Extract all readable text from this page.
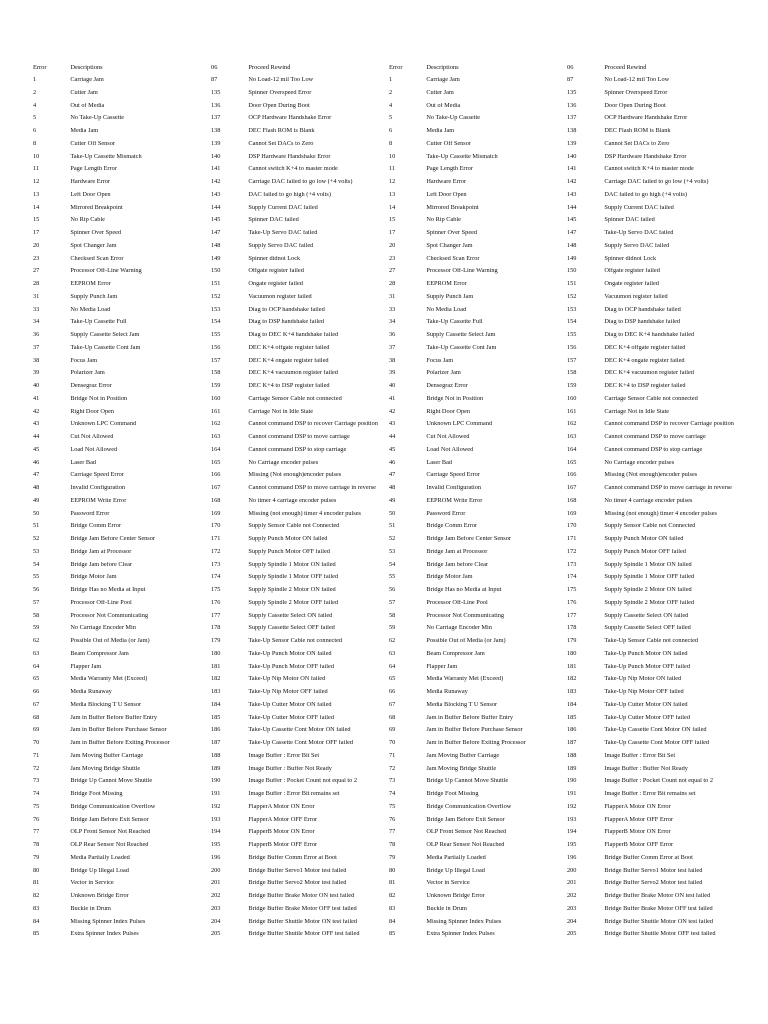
Error	Descriptions
1	Carriage Jam
2	Cutter Jam
4	Out of Media
5	No Take-Up Cassette
6	Media Jam
8	Cutter Off Sensor
10	Take-Up Cassette Mismatch
11	Page Length Error
12	Hardware Error
13	Left Door Open
14	Mirrored Breakpoint
15	No Rip Cable
17	Spinner Over Speed
20	Spot Changer Jam
23	Checksed Scan Error
27	Processor Off-Line Warning
28	EEPROM Error
31	Supply Punch Jam
33	No Media Load
34	Take-Up Cassette Full
36	Supply Cassette Select Jam
37	Take-Up Cassette Cont Jam
38	Focus Jam
39	Polarizer Jam
40	Densegraz Error
41	Bridge Not in Position
42	Right Door Open
43	Unknown LPC Command
44	Cut Not Allowed
45	Load Not Allowed
46	Laser Bad
47	Carriage Speed Error
48	Invalid Configuration
49	EEPROM Write Error
50	Password Error
51	Bridge Comm Error
52	Bridge Jam Before Center Sensor
53	Bridge Jam at Processor
54	Bridge Jam before Clear
55	Bridge Motor Jam
56	Bridge Has no Media at Input
57	Processor Off-Line Pool
58	Processor Not Communicating
59	No Carriage Encoder Min
62	Possible Out of Media (or Jam)
63	Beam Compressor Jam
64	Flapper Jam
65	Media Warranty Met (Exceed)
66	Media Runaway
67	Media Blocking T U Sensor
68	Jam in Buffer Before Buffer Entry
69	Jam in Buffer Before Purchase Sensor
70	Jam in Buffer Before Exiting Processor
71	Jam Moving Buffer Carriage
72	Jam Moving Bridge Shuttle
73	Bridge Up Cannot Move Shuttle
74	Bridge Foot Missing
75	Bridge Communication Overflow
76	Bridge Jam Before Exit Sensor
77	OLP Front Sensor Not Reached
78	OLP Rear Sensor Not Reached
79	Media Partially Loaded
80	Bridge Up Illegal Load
81	Vector in Service
82	Unknown Bridge Error
83	Buckle in Drum
84	Missing Spinner Index Pulses
85	Extra Spinner Index Pulses
06	Proceed Rewind
87	No Load-12 mil Too Low
135	Spinner Overspeed Error
136	Door Open During Boot
137	OCP Hardware Handshake Error
138	DEC Flash ROM is Blank
139	Cannot Set DACs to Zero
140	DSP Hardware Handshake Error
141	Cannot switch K+4 to master mode
142	Carriage DAC failed to go low (+4 volts)
143	DAC failed to go high (+4 volts)
144	Supply Current DAC failed
145	Spinner DAC failed
147	Take-Up Servo DAC failed
148	Supply Servo DAC failed
149	Spinner didnot Lock
150	Offgate register failed
151	Ongate register failed
152	Vacuumon register failed
153	Diag to OCP handshake failed
154	Diag to DSP handshake failed
155	Diag to DEC K+4 handshake failed
156	DEC K+4 offgate register failed
157	DEC K+4 ongate register failed
158	DEC K+4 vacuumon register failed
159	DEC K+4 to DSP register failed
160	Carriage Sensor Cable not connected
161	Carriage Not in Idle State
162	Cannot command DSP to recover Carriage position
163	Cannot command DSP to move carriage
164	Cannot command DSP to stop carriage
165	No Carriage encoder pulses
166	Missing (Not enough)encoder pulses
167	Cannot command DSP to move carriage in reverse
168	No timer 4 carriage encoder pulses
169	Missing (not enough) timer 4 encoder pulses
170	Supply Sensor Cable not Connected
171	Supply Punch Motor ON failed
172	Supply Punch Motor OFF failed
173	Supply Spindle 1 Motor ON failed
174	Supply Spindle 1 Motor OFF failed
175	Supply Spindle 2 Motor ON failed
176	Supply Spindle 2 Motor OFF failed
177	Supply Cassette Select ON failed
178	Supply Cassette Select OFF failed
179	Take-Up Sensor Cable not connected
180	Take-Up Punch Motor ON failed
181	Take-Up Punch Motor OFF failed
182	Take-Up Nip Motor ON failed
183	Take-Up Nip Motor OFF failed
184	Take-Up Cutter Motor ON failed
185	Take-Up Cutter Motor OFF failed
186	Take-Up Cassette Cont Motor ON failed
187	Take-Up Cassette Cont Motor OFF failed
188	Image Buffer : Error Bit Set
189	Image Buffer : Buffer Not Ready
190	Image Buffer : Pocket Count not equal to 2
191	Image Buffer : Error Bit remains set
192	FlapperA Motor ON Error
193	FlapperA Motor OFF Error
194	FlapperB Motor ON Error
195	FlapperB Motor OFF Error
196	Bridge Buffer Comm Error at Boot
200	Bridge Buffer Servo1 Motor test failed
201	Bridge Buffer Servo2 Motor test failed
202	Bridge Buffer Brake Motor ON test failed
203	Bridge Buffer Brake Motor OFF test failed
204	Bridge Buffer Shuttle Motor ON test failed
205	Bridge Buffer Shuttle Motor OFF test failed
Error	Descriptions
1	Carriage Jam
2	Cutter Jam
4	Out of Media
5	No Take-Up Cassette
6	Media Jam
8	Cutter Off Sensor
10	Take-Up Cassette Mismatch
11	Page Length Error
12	Hardware Error
13	Left Door Open
14	Mirrored Breakpoint
15	No Rip Cable
17	Spinner Over Speed
20	Spot Changer Jam
23	Checksed Scan Error
27	Processor Off-Line Warning
28	EEPROM Error
31	Supply Punch Jam
33	No Media Load
34	Take-Up Cassette Full
36	Supply Cassette Select Jam
37	Take-Up Cassette Cont Jam
38	Focus Jam
39	Polarizer Jam
40	Densegraz Error
41	Bridge Not in Position
42	Right Door Open
43	Unknown LPC Command
44	Cut Not Allowed
45	Load Not Allowed
46	Laser Bad
47	Carriage Speed Error
48	Invalid Configuration
49	EEPROM Write Error
50	Password Error
51	Bridge Comm Error
52	Bridge Jam Before Center Sensor
53	Bridge Jam at Processor
54	Bridge Jam before Clear
55	Bridge Motor Jam
56	Bridge Has no Media at Input
57	Processor Off-Line Pool
58	Processor Not Communicating
59	No Carriage Encoder Min
62	Possible Out of Media (or Jam)
63	Beam Compressor Jam
64	Flapper Jam
65	Media Warranty Met (Exceed)
66	Media Runaway
67	Media Blocking T U Sensor
68	Jam in Buffer Before Buffer Entry
69	Jam in Buffer Before Purchase Sensor
70	Jam in Buffer Before Exiting Processor
71	Jam Moving Buffer Carriage
72	Jam Moving Bridge Shuttle
73	Bridge Up Cannot Move Shuttle
74	Bridge Foot Missing
75	Bridge Communication Overflow
76	Bridge Jam Before Exit Sensor
77	OLP Front Sensor Not Reached
78	OLP Rear Sensor Not Reached
79	Media Partially Loaded
80	Bridge Up Illegal Load
81	Vector in Service
82	Unknown Bridge Error
83	Buckle in Drum
84	Missing Spinner Index Pulses
85	Extra Spinner Index Pulses
06	Proceed Rewind
87	No Load-12 mil Too Low
135	Spinner Overspeed Error
136	Door Open During Boot
137	OCP Hardware Handshake Error
138	DEC Flash ROM is Blank
139	Cannot Set DACs to Zero
140	DSP Hardware Handshake Error
141	Cannot switch K+4 to master mode
142	Carriage DAC failed to go low (+4 volts)
143	DAC failed to go high (+4 volts)
144	Supply Current DAC failed
145	Spinner DAC failed
147	Take-Up Servo DAC failed
148	Supply Servo DAC failed
149	Spinner didnot Lock
150	Offgate register failed
151	Ongate register failed
152	Vacuumon register failed
153	Diag to OCP handshake failed
154	Diag to DSP handshake failed
155	Diag to DEC K+4 handshake failed
156	DEC K+4 offgate register failed
157	DEC K+4 ongate register failed
158	DEC K+4 vacuumon register failed
159	DEC K+4 to DSP register failed
160	Carriage Sensor Cable not connected
161	Carriage Not in Idle State
162	Cannot command DSP to recover Carriage position
163	Cannot command DSP to move carriage
164	Cannot command DSP to stop carriage
165	No Carriage encoder pulses
166	Missing (Not enough)encoder pulses
167	Cannot command DSP to move carriage in reverse
168	No timer 4 carriage encoder pulses
169	Missing (not enough) timer 4 encoder pulses
170	Supply Sensor Cable not Connected
171	Supply Punch Motor ON failed
172	Supply Punch Motor OFF failed
173	Supply Spindle 1 Motor ON failed
174	Supply Spindle 1 Motor OFF failed
175	Supply Spindle 2 Motor ON failed
176	Supply Spindle 2 Motor OFF failed
177	Supply Cassette Select ON failed
178	Supply Cassette Select OFF failed
179	Take-Up Sensor Cable not connected
180	Take-Up Punch Motor ON failed
181	Take-Up Punch Motor OFF failed
182	Take-Up Nip Motor ON failed
183	Take-Up Nip Motor OFF failed
184	Take-Up Cutter Motor ON failed
185	Take-Up Cutter Motor OFF failed
186	Take-Up Cassette Cont Motor ON failed
187	Take-Up Cassette Cont Motor OFF failed
188	Image Buffer : Error Bit Set
189	Image Buffer : Buffer Not Ready
190	Image Buffer : Pocket Count not equal to 2
191	Image Buffer : Error Bit remains set
192	FlapperA Motor ON Error
193	FlapperA Motor OFF Error
194	FlapperB Motor ON Error
195	FlapperB Motor OFF Error
196	Bridge Buffer Comm Error at Boot
200	Bridge Buffer Servo1 Motor test failed
201	Bridge Buffer Servo2 Motor test failed
202	Bridge Buffer Brake Motor ON test failed
203	Bridge Buffer Brake Motor OFF test failed
204	Bridge Buffer Shuttle Motor ON test failed
205	Bridge Buffer Shuttle Motor OFF test failed
